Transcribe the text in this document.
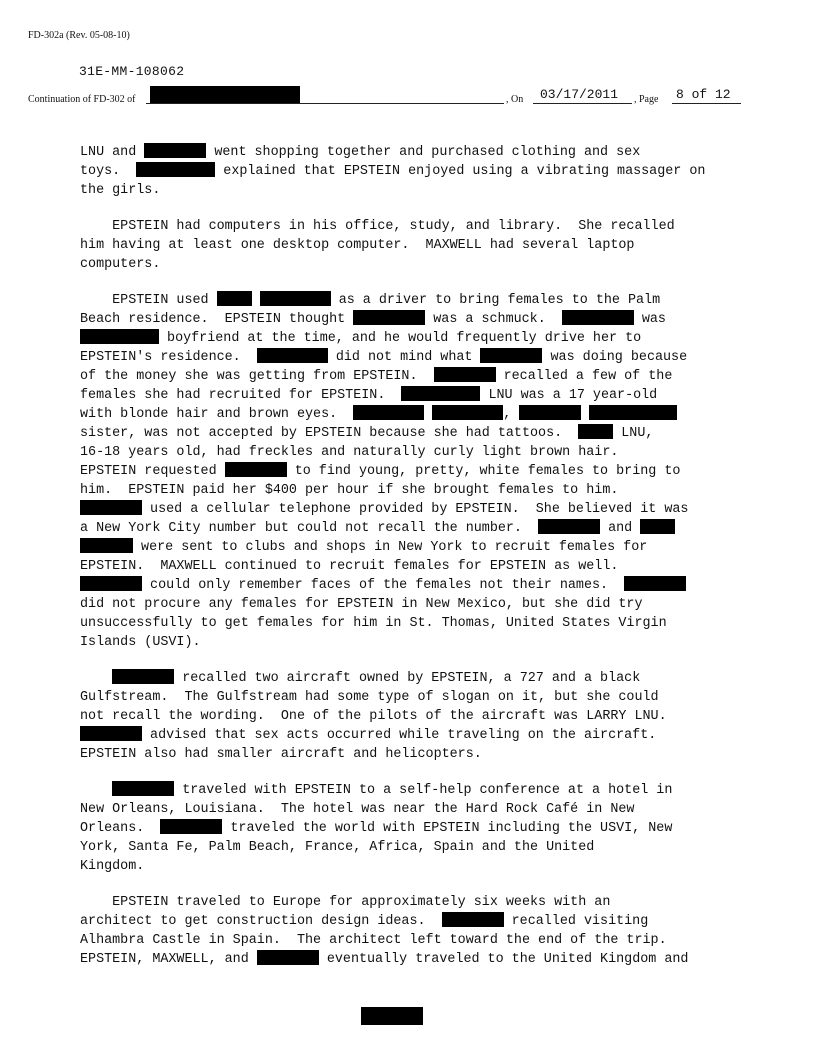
FD-302a (Rev. 05-08-10)
31E-MM-108062
Continuation of FD-302 of	, On 03/17/2011 , Page 8 of 12
LNU and	went shopping together and purchased clothing and sex
toys.	explained that EPSTEIN enjoyed using a vibrating massager on
the girls.
EPSTEIN had computers in his office, study, and library.  She recalled
him having at least one desktop computer.  MAXWELL had several laptop
computers.
EPSTEIN used	as a driver to bring females to the Palm
Beach residence.  EPSTEIN thought	was a schmuck.	was
boyfriend at the time, and he would frequently drive her to
EPSTEIN's residence.	did not mind what	was doing because
of the money she was getting from EPSTEIN.	recalled a few of the
females she had recruited for EPSTEIN.	LNU was a 17 year-old
with blonde hair and brown eyes.	,
sister, was not accepted by EPSTEIN because she had tattoos.	LNU,
16-18 years old, had freckles and naturally curly light brown hair.
EPSTEIN requested	to find young, pretty, white females to bring to
him.  EPSTEIN paid her $400 per hour if she brought females to him.
used a cellular telephone provided by EPSTEIN.  She believed it was
a New York City number but could not recall the number.	and
were sent to clubs and shops in New York to recruit females for
EPSTEIN.  MAXWELL continued to recruit females for EPSTEIN as well.
could only remember faces of the females not their names.
did not procure any females for EPSTEIN in New Mexico, but she did try
unsuccessfully to get females for him in St. Thomas, United States Virgin
Islands (USVI).
recalled two aircraft owned by EPSTEIN, a 727 and a black
Gulfstream.  The Gulfstream had some type of slogan on it, but she could
not recall the wording.  One of the pilots of the aircraft was LARRY LNU.
advised that sex acts occurred while traveling on the aircraft.
EPSTEIN also had smaller aircraft and helicopters.
traveled with EPSTEIN to a self-help conference at a hotel in
New Orleans, Louisiana.  The hotel was near the Hard Rock Café in New
Orleans.	traveled the world with EPSTEIN including the USVI, New
York, Santa Fe, Palm Beach, France, Africa, Spain and the United
Kingdom.
EPSTEIN traveled to Europe for approximately six weeks with an
architect to get construction design ideas.	recalled visiting
Alhambra Castle in Spain.  The architect left toward the end of the trip.
EPSTEIN, MAXWELL, and	eventually traveled to the United Kingdom and
